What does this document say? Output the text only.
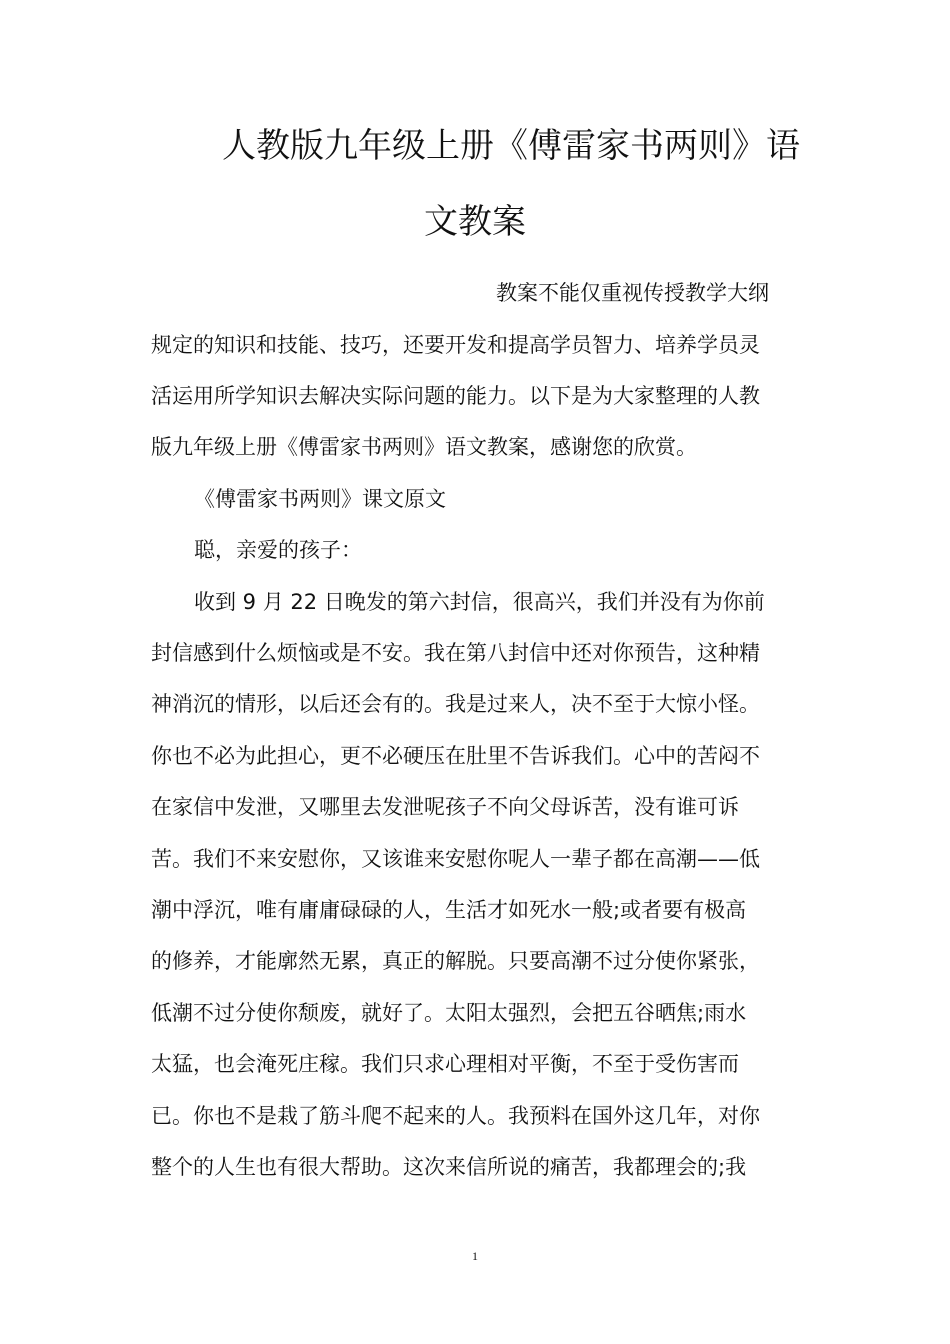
人教版九年级上册《傅雷家书两则》语
文教案
教案不能仅重视传授教学大纲
规定的知识和技能、技巧，还要开发和提高学员智力、培养学员灵
活运用所学知识去解决实际问题的能力。以下是为大家整理的人教
版九年级上册《傅雷家书两则》语文教案，感谢您的欣赏。
《傅雷家书两则》课文原文
聪，亲爱的孩子：
收到 9 月 22 日晚发的第六封信，很高兴，我们并没有为你前
封信感到什么烦恼或是不安。我在第八封信中还对你预告，这种精
神消沉的情形，以后还会有的。我是过来人，决不至于大惊小怪。
你也不必为此担心，更不必硬压在肚里不告诉我们。心中的苦闷不
在家信中发泄，又哪里去发泄呢孩子不向父母诉苦，没有谁可诉
苦。我们不来安慰你，又该谁来安慰你呢人一辈子都在高潮——低
潮中浮沉，唯有庸庸碌碌的人，生活才如死水一般;或者要有极高
的修养，才能廓然无累，真正的解脱。只要高潮不过分使你紧张，
低潮不过分使你颓废，就好了。太阳太强烈，会把五谷晒焦;雨水
太猛，也会淹死庄稼。我们只求心理相对平衡，不至于受伤害而
已。你也不是栽了筋斗爬不起来的人。我预料在国外这几年，对你
整个的人生也有很大帮助。这次来信所说的痛苦，我都理会的;我
1
